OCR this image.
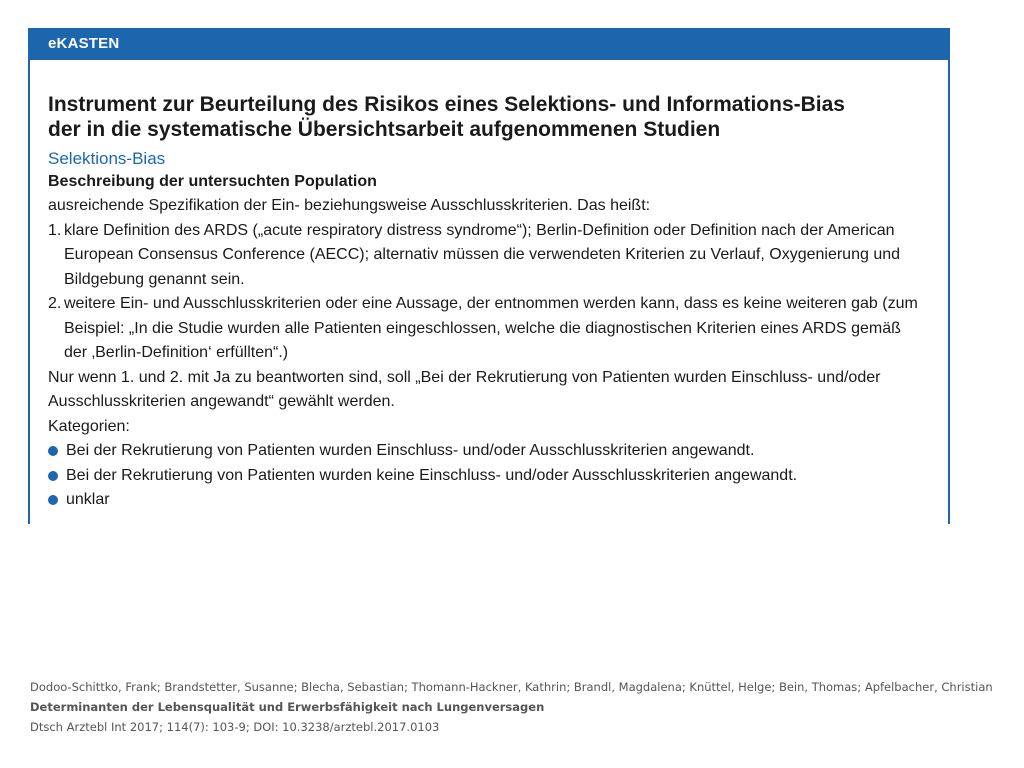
eKASTEN
Instrument zur Beurteilung des Risikos eines Selektions- und Informations-Bias
der in die systematische Übersichtsarbeit aufgenommenen Studien
Selektions-Bias
Beschreibung der untersuchten Population
ausreichende Spezifikation der Ein- beziehungsweise Ausschlusskriterien. Das heißt:
1. klare Definition des ARDS („acute respiratory distress syndrome“); Berlin-Definition oder Definition nach der American European Consensus Conference (AECC); alternativ müssen die verwendeten Kriterien zu Verlauf, Oxygenierung und Bildgebung genannt sein.
2. weitere Ein- und Ausschlusskriterien oder eine Aussage, der entnommen werden kann, dass es keine weiteren gab (zum Beispiel: „In die Studie wurden alle Patienten eingeschlossen, welche die diagnostischen Kriterien eines ARDS gemäß der ‚Berlin-Definition‘ erfüllten“.)
Nur wenn 1. und 2. mit Ja zu beantworten sind, soll „Bei der Rekrutierung von Patienten wurden Einschluss- und/oder Ausschlusskriterien angewandt“ gewählt werden.
Kategorien:
Bei der Rekrutierung von Patienten wurden Einschluss- und/oder Ausschlusskriterien angewandt.
Bei der Rekrutierung von Patienten wurden keine Einschluss- und/oder Ausschlusskriterien angewandt.
unklar
Dodoo-Schittko, Frank; Brandstetter, Susanne; Blecha, Sebastian; Thomann-Hackner, Kathrin; Brandl, Magdalena; Knüttel, Helge; Bein, Thomas; Apfelbacher, Christian
Determinanten der Lebensqualität und Erwerbsfähigkeit nach Lungenversagen
Dtsch Arztebl Int 2017; 114(7): 103-9; DOI: 10.3238/arztebl.2017.0103
